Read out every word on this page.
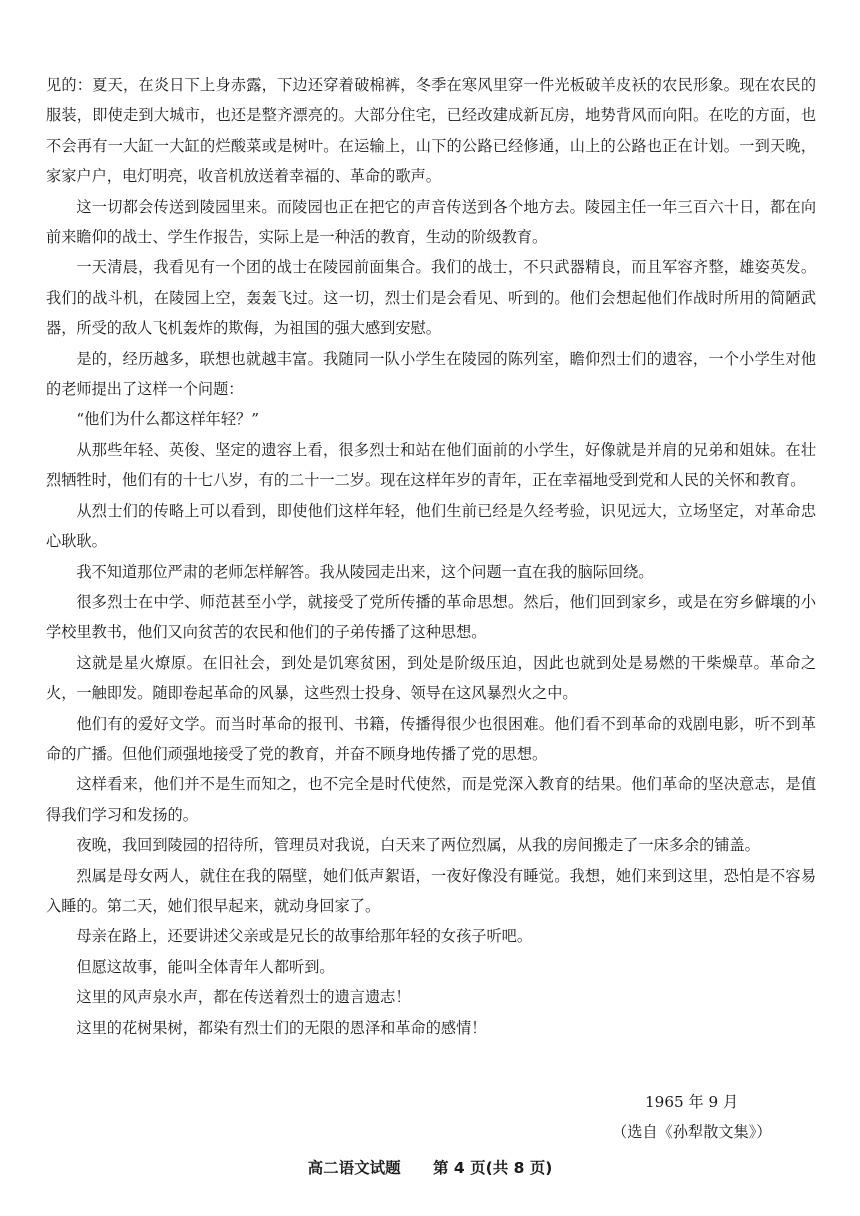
见的：夏天，在炎日下上身赤露，下边还穿着破棉裤，冬季在寒风里穿一件光板破羊皮袄的农民形象。现在农民的服装，即使走到大城市，也还是整齐漂亮的。大部分住宅，已经改建成新瓦房，地势背风而向阳。在吃的方面，也不会再有一大缸一大缸的烂酸菜或是树叶。在运输上，山下的公路已经修通，山上的公路也正在计划。一到天晚，家家户户，电灯明亮，收音机放送着幸福的、革命的歌声。

这一切都会传送到陵园里来。而陵园也正在把它的声音传送到各个地方去。陵园主任一年三百六十日，都在向前来瞻仰的战士、学生作报告，实际上是一种活的教育，生动的阶级教育。

一天清晨，我看见有一个团的战士在陵园前面集合。我们的战士，不只武器精良，而且军容齐整，雄姿英发。我们的战斗机，在陵园上空，轰轰飞过。这一切，烈士们是会看见、听到的。他们会想起他们作战时所用的简陋武器，所受的敌人飞机轰炸的欺侮，为祖国的强大感到安慰。

是的，经历越多，联想也就越丰富。我随同一队小学生在陵园的陈列室，瞻仰烈士们的遗容，一个小学生对他的老师提出了这样一个问题：

“他们为什么都这样年轻？”

从那些年轻、英俊、坚定的遗容上看，很多烈士和站在他们面前的小学生，好像就是并肩的兄弟和姐妹。在壮烈牺牲时，他们有的十七八岁，有的二十一二岁。现在这样年岁的青年，正在幸福地受到党和人民的关怀和教育。

从烈士们的传略上可以看到，即使他们这样年轻，他们生前已经是久经考验，识见远大，立场坚定，对革命忠心耿耿。

我不知道那位严肃的老师怎样解答。我从陵园走出来，这个问题一直在我的脑际回绕。

很多烈士在中学、师范甚至小学，就接受了党所传播的革命思想。然后，他们回到家乡，或是在穷乡僻壤的小学校里教书，他们又向贫苦的农民和他们的子弟传播了这种思想。

这就是星火燎原。在旧社会，到处是饥寒贫困，到处是阶级压迫，因此也就到处是易燃的干柴燥草。革命之火，一触即发。随即卷起革命的风暴，这些烈士投身、领导在这风暴烈火之中。

他们有的爱好文学。而当时革命的报刊、书籍，传播得很少也很困难。他们看不到革命的戏剧电影，听不到革命的广播。但他们顽强地接受了党的教育，并奋不顾身地传播了党的思想。

这样看来，他们并不是生而知之，也不完全是时代使然，而是党深入教育的结果。他们革命的坚决意志，是值得我们学习和发扬的。

夜晚，我回到陵园的招待所，管理员对我说，白天来了两位烈属，从我的房间搬走了一床多余的铺盖。

烈属是母女两人，就住在我的隔壁，她们低声絮语，一夜好像没有睡觉。我想，她们来到这里，恐怕是不容易入睡的。第二天，她们很早起来，就动身回家了。

母亲在路上，还要讲述父亲或是兄长的故事给那年轻的女孩子听吧。

但愿这故事，能叫全体青年人都听到。

这里的风声泉水声，都在传送着烈士的遗言遗志！

这里的花树果树，都染有烈士们的无限的恩泽和革命的感情！

1965 年 9 月
（选自《孙犁散文集》）
高二语文试题 第 4 页(共 8 页)
